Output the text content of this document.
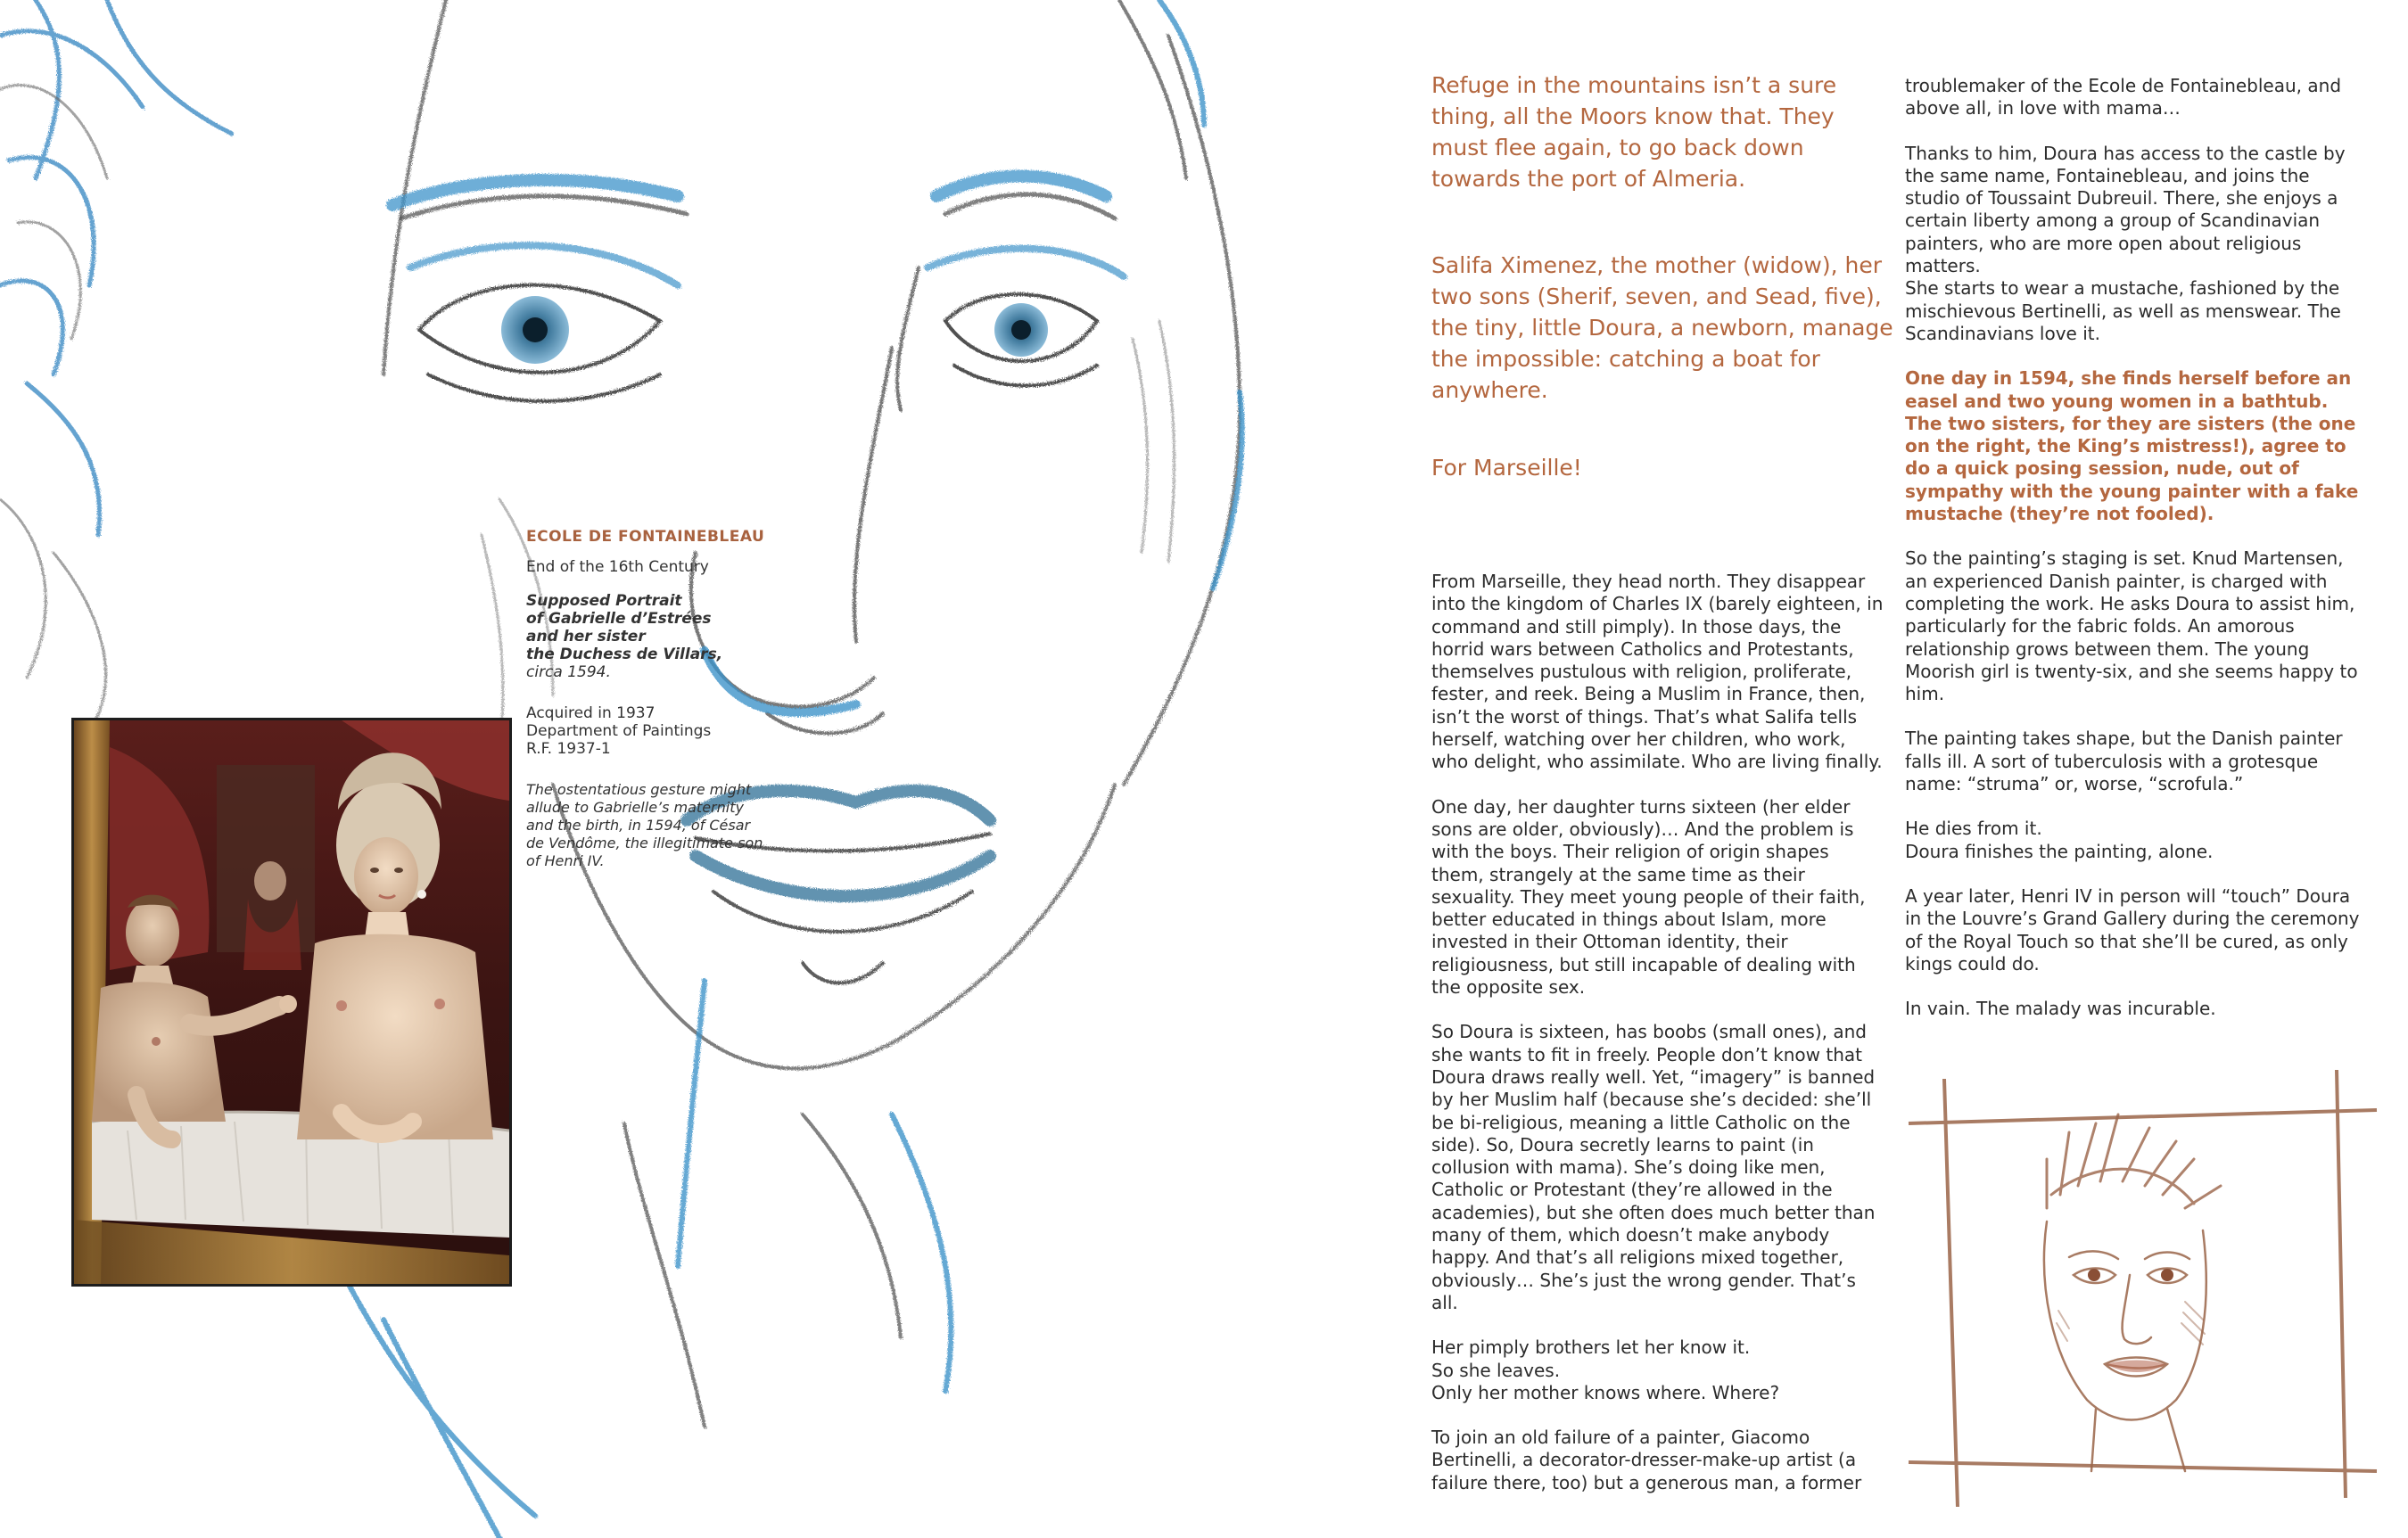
ECOLE DE FONTAINEBLEAU

End of the 16th Century

Supposed Portrait

of Gabrielle d’Estrées

and her sister

the Duchess de Villars,

circa 1594.

Acquired in 1937

Department of Paintings

R.F. 1937-1

The ostentatious gesture might allude to Gabrielle’s maternity and the birth, in 1594, of César de Vendôme, the illegitimate son of Henri IV.

Refuge in the mountains isn’t a sure thing, all the Moors know that. They must flee again, to go back down towards the port of Almeria.

Salifa Ximenez, the mother (widow), her two sons (Sherif, seven, and Sead, five), the tiny, little Doura, a newborn, manage the impossible: catching a boat for anywhere.

For Marseille!

From Marseille, they head north. They disappear into the kingdom of Charles IX (barely eighteen, in command and still pimply). In those days, the horrid wars between Catholics and Protestants, themselves pustulous with religion, proliferate, fester, and reek. Being a Muslim in France, then, isn’t the worst of things. That’s what Salifa tells herself, watching over her children, who work, who delight, who assimilate. Who are living finally.

One day, her daughter turns sixteen (her elder sons are older, obviously)… And the problem is with the boys. Their religion of origin shapes them, strangely at the same time as their sexuality. They meet young people of their faith, better educated in things about Islam, more invested in their Ottoman identity, their religiousness, but still incapable of dealing with the opposite sex.

So Doura is sixteen, has boobs (small ones), and she wants to fit in freely. People don’t know that Doura draws really well. Yet, “imagery” is banned by her Muslim half (because she’s decided: she’ll be bi-religious, meaning a little Catholic on the side). So, Doura secretly learns to paint (in collusion with mama). She’s doing like men, Catholic or Protestant (they’re allowed in the academies), but she often does much better than many of them, which doesn’t make anybody happy. And that’s all religions mixed together, obviously… She’s just the wrong gender. That’s all.

Her pimply brothers let her know it.
So she leaves.
Only her mother knows where. Where?

To join an old failure of a painter, Giacomo Bertinelli, a decorator-dresser-make-up artist (a failure there, too) but a generous man, a former

troublemaker of the Ecole de Fontainebleau, and above all, in love with mama…

Thanks to him, Doura has access to the castle by the same name, Fontainebleau, and joins the studio of Toussaint Dubreuil. There, she enjoys a certain liberty among a group of Scandinavian painters, who are more open about religious matters.
She starts to wear a mustache, fashioned by the mischievous Bertinelli, as well as menswear. The Scandinavians love it.

One day in 1594, she finds herself before an easel and two young women in a bathtub. The two sisters, for they are sisters (the one on the right, the King’s mistress!), agree to do a quick posing session, nude, out of sympathy with the young painter with a fake mustache (they’re not fooled).

So the painting’s staging is set. Knud Martensen, an experienced Danish painter, is charged with completing the work. He asks Doura to assist him, particularly for the fabric folds. An amorous relationship grows between them. The young Moorish girl is twenty-six, and she seems happy to him.

The painting takes shape, but the Danish painter falls ill. A sort of tuberculosis with a grotesque name: “struma” or, worse, “scrofula.”

He dies from it.
Doura finishes the painting, alone.

A year later, Henri IV in person will “touch” Doura in the Louvre’s Grand Gallery during the ceremony of the Royal Touch so that she’ll be cured, as only kings could do.

In vain. The malady was incurable.
